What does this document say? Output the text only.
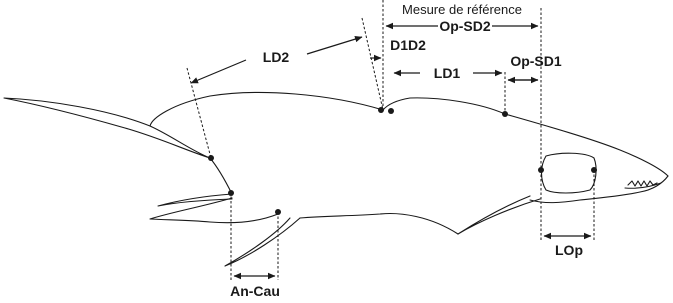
Mesure de référence
Op-SD2
D1D2
LD2
LD1
Op-SD1
LOp
An-Cau
